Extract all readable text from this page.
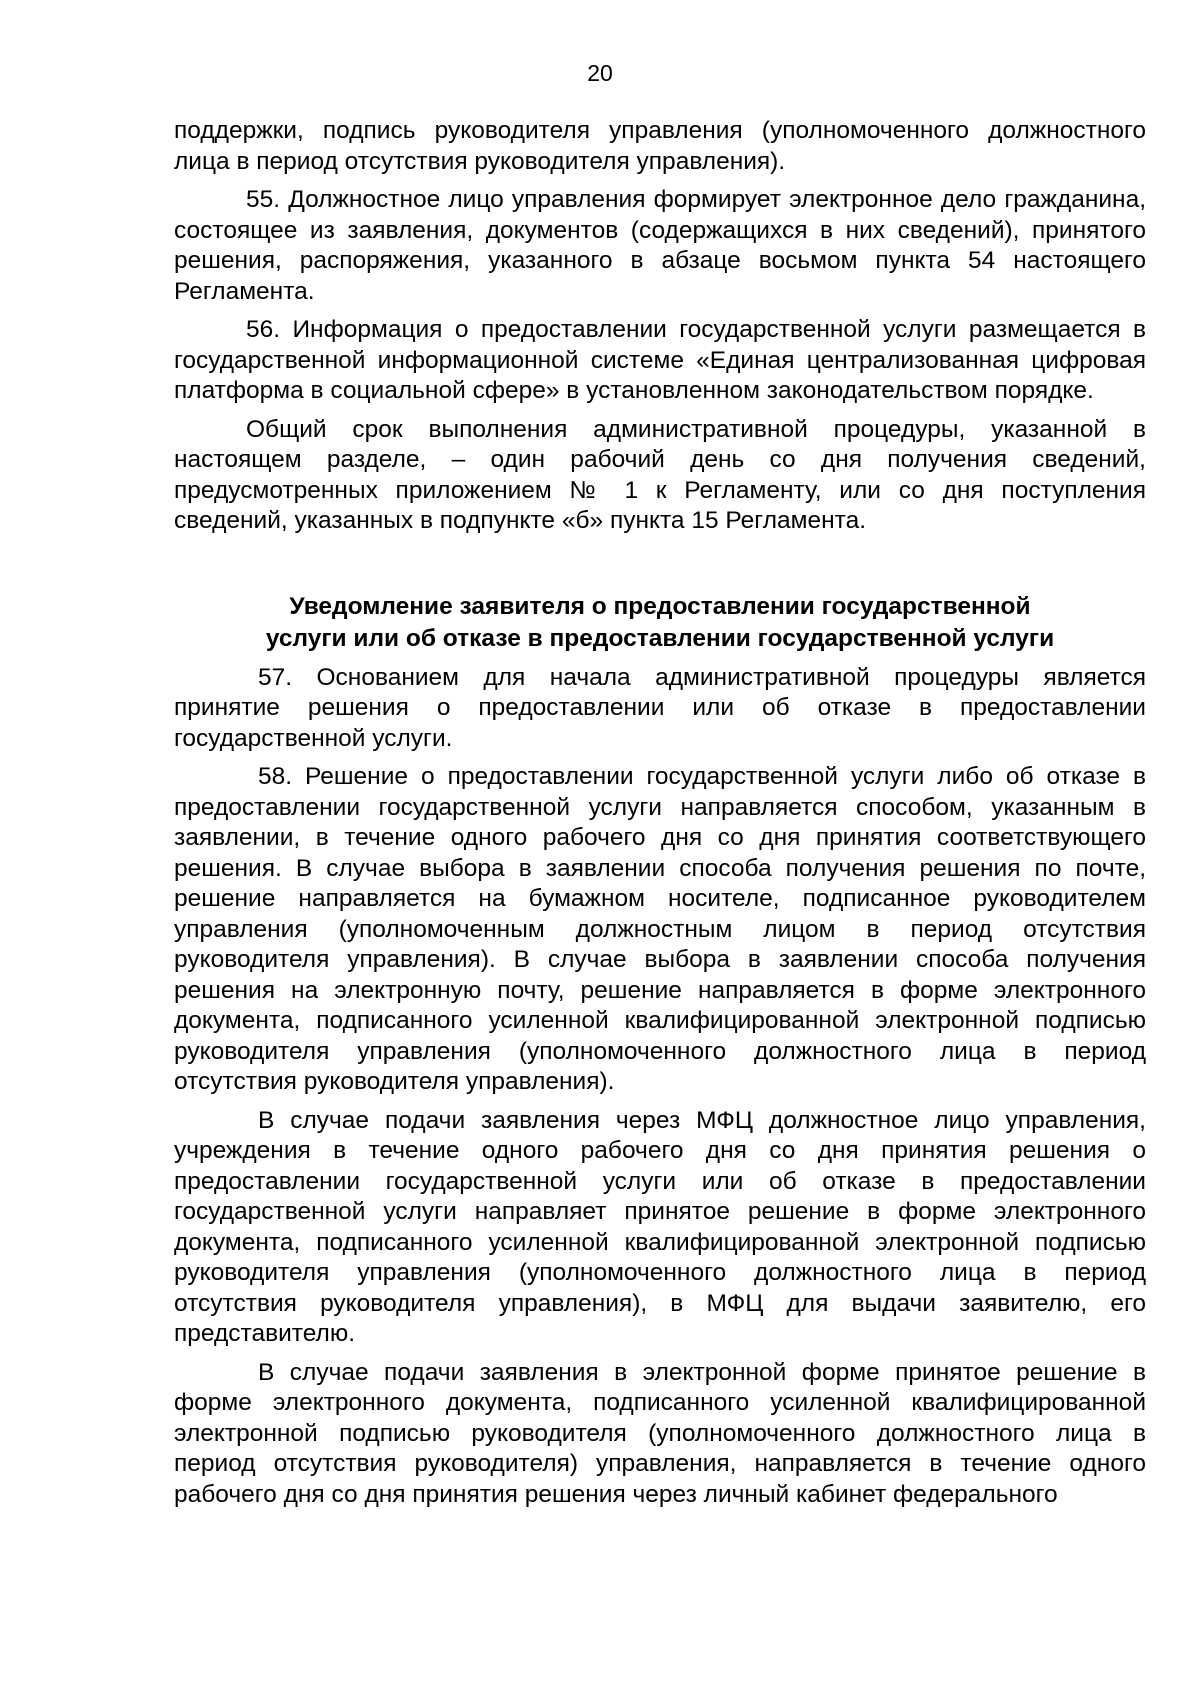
20

поддержки, подпись руководителя управления (уполномоченного должностного лица в период отсутствия руководителя управления).

55. Должностное лицо управления формирует электронное дело гражданина, состоящее из заявления, документов (содержащихся в них сведений), принятого решения, распоряжения, указанного в абзаце восьмом пункта 54 настоящего Регламента.

56. Информация о предоставлении государственной услуги размещается в государственной информационной системе «Единая централизованная цифровая платформа в социальной сфере» в установленном законодательством порядке.

Общий срок выполнения административной процедуры, указанной в настоящем разделе, – один рабочий день со дня получения сведений, предусмотренных приложением № 1 к Регламенту, или со дня поступления сведений, указанных в подпункте «б» пункта 15 Регламента.

Уведомление заявителя о предоставлении государственной
услуги или об отказе в предоставлении государственной услуги

57. Основанием для начала административной процедуры является принятие решения о предоставлении или об отказе в предоставлении государственной услуги.

58. Решение о предоставлении государственной услуги либо об отказе в предоставлении государственной услуги направляется способом, указанным в заявлении, в течение одного рабочего дня со дня принятия соответствующего решения. В случае выбора в заявлении способа получения решения по почте, решение направляется на бумажном носителе, подписанное руководителем управления (уполномоченным должностным лицом в период отсутствия руководителя управления). В случае выбора в заявлении способа получения решения на электронную почту, решение направляется в форме электронного документа, подписанного усиленной квалифицированной электронной подписью руководителя управления (уполномоченного должностного лица в период отсутствия руководителя управления).

В случае подачи заявления через МФЦ должностное лицо управления, учреждения в течение одного рабочего дня со дня принятия решения о предоставлении государственной услуги или об отказе в предоставлении государственной услуги направляет принятое решение в форме электронного документа, подписанного усиленной квалифицированной электронной подписью руководителя управления (уполномоченного должностного лица в период отсутствия руководителя управления), в МФЦ для выдачи заявителю, его представителю.

В случае подачи заявления в электронной форме принятое решение в форме электронного документа, подписанного усиленной квалифицированной электронной подписью руководителя (уполномоченного должностного лица в период отсутствия руководителя) управления, направляется в течение одного рабочего дня со дня принятия решения через личный кабинет федерального
